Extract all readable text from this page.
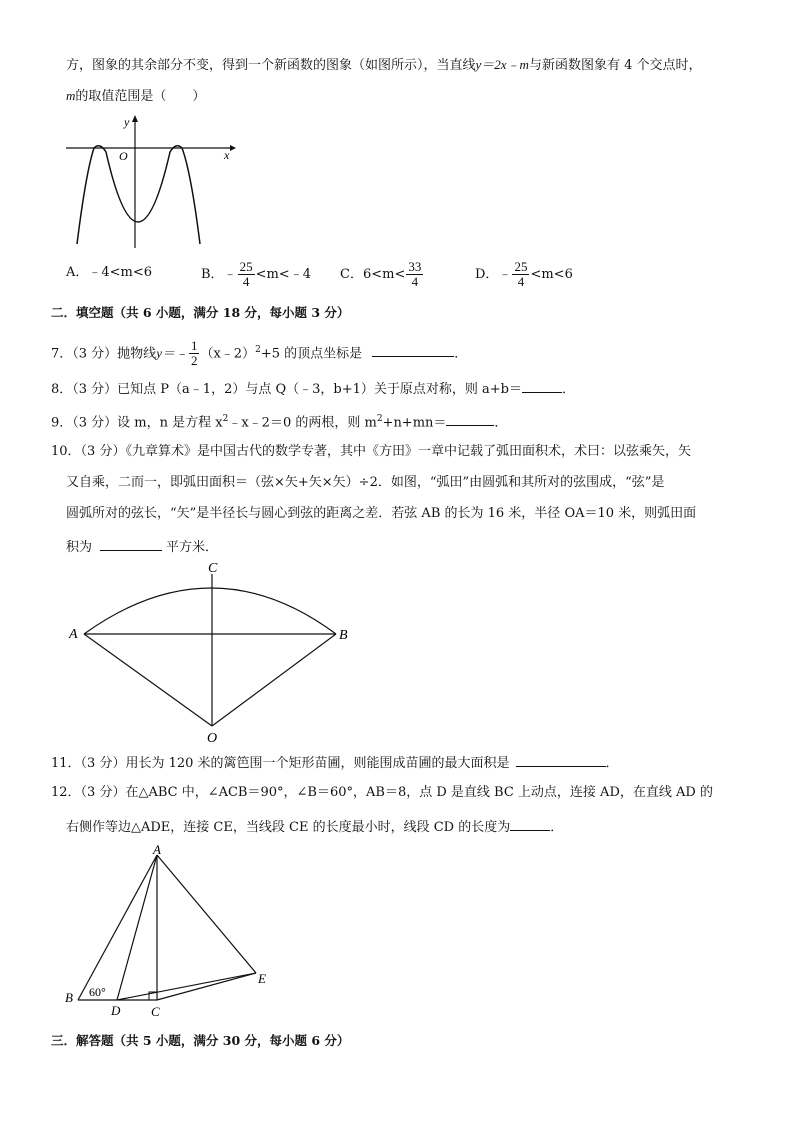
方，图象的其余部分不变，得到一个新函数的图象（如图所示），当直线y＝2x﹣m与新函数图象有 4 个交点时，
m的取值范围是（　　）
y
O	x
A．﹣4<m<6	B．﹣ $\frac{25}{4}$ <m<﹣4 C．$6<m< \frac{33}{4}$	D．﹣ $\frac{25}{4} <m<6$
二．填空题（共 6 小题，满分 18 分，每小题 3 分）
7．（3 分）抛物线y＝﹣ $\frac{1}{2}$ （x﹣2）$^2$+5 的顶点坐标是	．
8．（3 分）已知点 P（a﹣1，2）与点 Q（﹣3，b+1）关于原点对称，则 a+b＝	．
9．（3 分）设 m，n 是方程 $x^2﹣x﹣2=0$ 的两根，则 $m^2+n+mn=$	．
10．（3 分）《九章算术》是中国古代的数学专著，其中《方田》一章中记载了弧田面积术，术曰：以弦乘矢，矢
又自乘，二而一，即弧田面积＝（弦×矢+矢×矢）÷2．如图，“弧田”由圆弧和其所对的弦围成，“弦”是
圆弧所对的弦长，“矢”是半径长与圆心到弦的距离之差．若弦 AB 的长为 16 米，半径 OA＝10 米，则弧田面
积为	平方米．
C
A	B
O
11．（3 分）用长为 120 米的篱笆围一个矩形苗圃，则能围成苗圃的最大面积是	．
12．（3 分）在△ABC 中，∠ACB＝90°，∠B＝60°，AB＝8，点 D 是直线 BC 上动点，连接 AD，在直线 AD 的
右侧作等边△ADE，连接 CE，当线段 CE 的长度最小时，线段 CD 的长度为	．
A
B 60°
D C
E
三．解答题（共 5 小题，满分 30 分，每小题 6 分）
